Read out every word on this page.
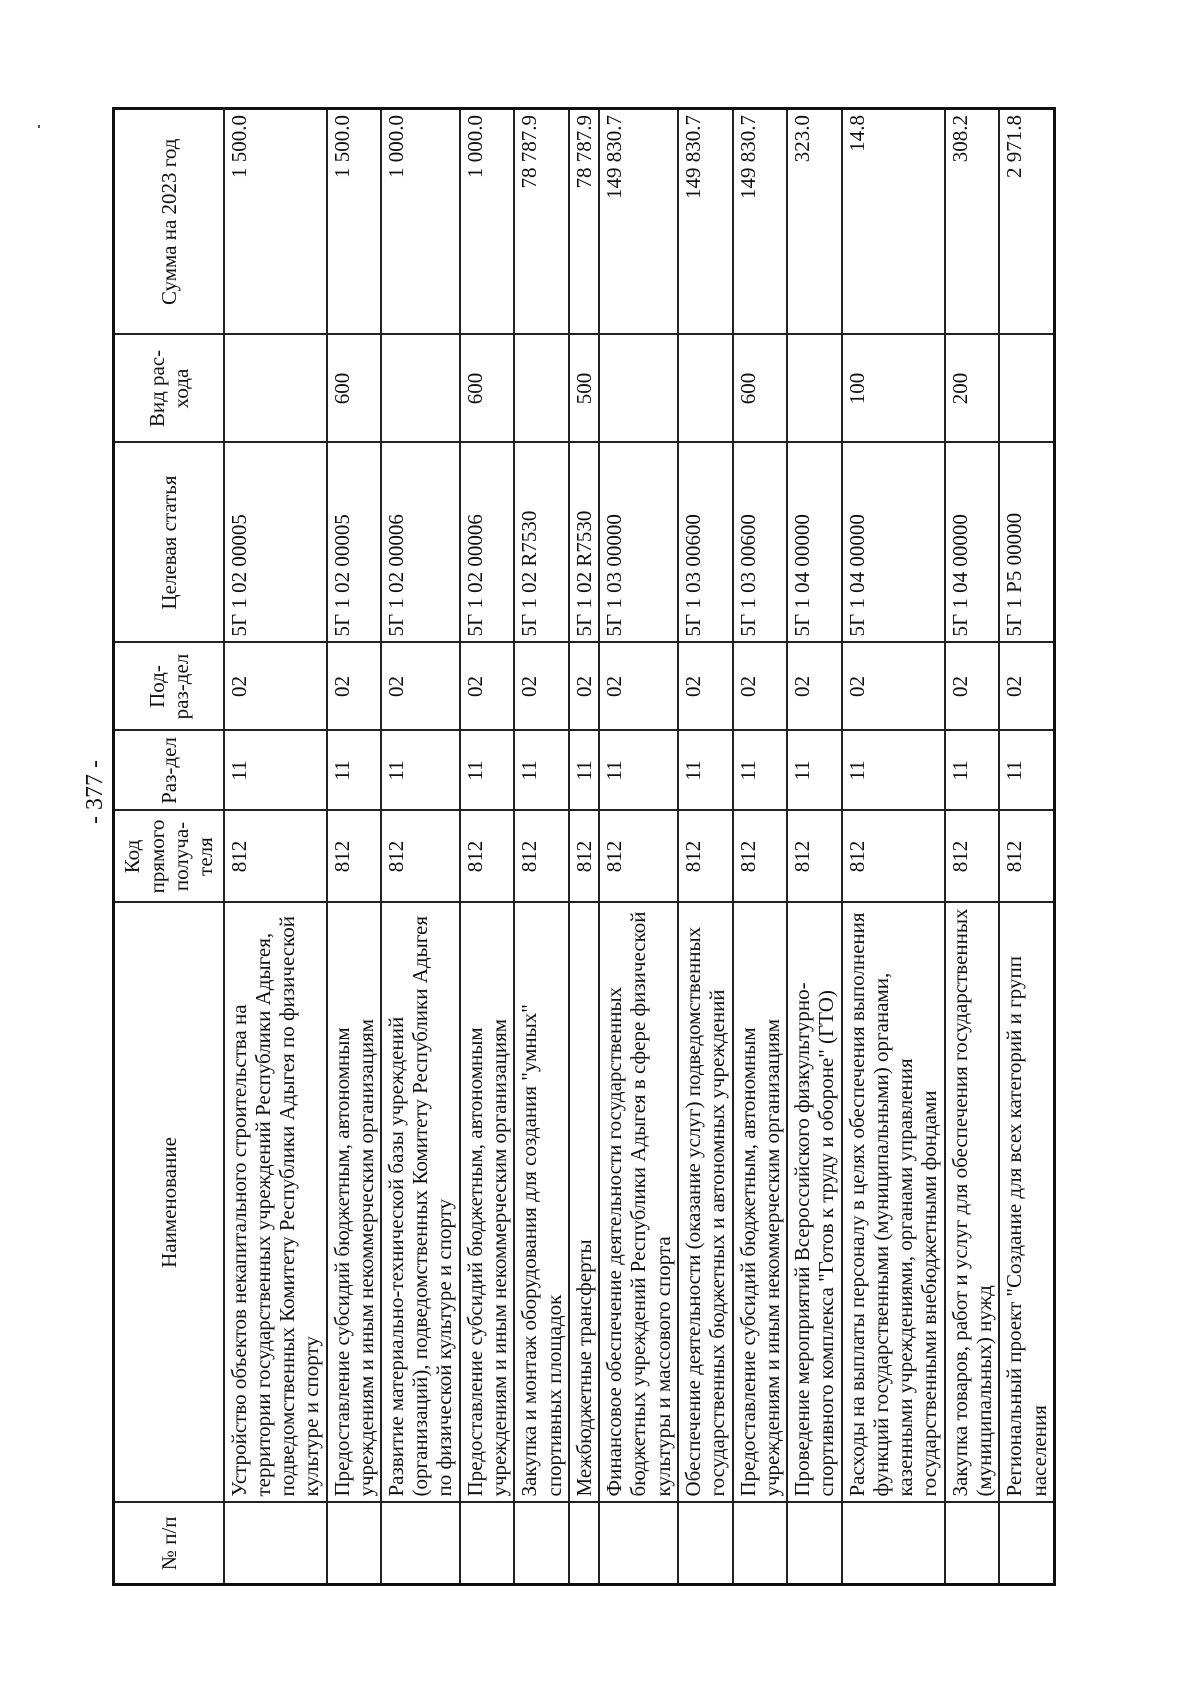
- 377 -
№ п/п	Наименование	Код прямого получа-теля	Раз-дел	Под-раз-дел	Целевая статья	Вид рас-хода	Сумма на 2023 год
	Устройство объектов некапитального строительства на территории государственных учреждений Республики Адыгея, подведомственных Комитету Республики Адыгея по физической культуре и спорту	812	11	02	5Г 1 02 00005		1 500.0
	Предоставление субсидий бюджетным, автономным учреждениям и иным некоммерческим организациям	812	11	02	5Г 1 02 00005	600	1 500.0
	Развитие материально-технической базы учреждений (организаций), подведомственных Комитету Республики Адыгея по физической культуре и спорту	812	11	02	5Г 1 02 00006		1 000.0
	Предоставление субсидий бюджетным, автономным учреждениям и иным некоммерческим организациям	812	11	02	5Г 1 02 00006	600	1 000.0
	Закупка и монтаж оборудования для создания "умных" спортивных площадок	812	11	02	5Г 1 02 R7530		78 787.9
	Межбюджетные трансферты	812	11	02	5Г 1 02 R7530	500	78 787.9
	Финансовое обеспечение деятельности государственных бюджетных учреждений Республики Адыгея в сфере физической культуры и массового спорта	812	11	02	5Г 1 03 00000		149 830.7
	Обеспечение деятельности (оказание услуг) подведомственных государственных бюджетных и автономных учреждений	812	11	02	5Г 1 03 00600		149 830.7
	Предоставление субсидий бюджетным, автономным учреждениям и иным некоммерческим организациям	812	11	02	5Г 1 03 00600	600	149 830.7
	Проведение мероприятий Всероссийского физкультурно-спортивного комплекса "Готов к труду и обороне" (ГТО)	812	11	02	5Г 1 04 00000		323.0
	Расходы на выплаты персоналу в целях обеспечения выполнения функций государственными (муниципальными) органами, казенными учреждениями, органами управления государственными внебюджетными фондами	812	11	02	5Г 1 04 00000	100	14.8
	Закупка товаров, работ и услуг для обеспечения государственных (муниципальных) нужд	812	11	02	5Г 1 04 00000	200	308.2
	Региональный проект "Создание для всех категорий и групп населения	812	11	02	5Г 1 Р5 00000		2 971.8
